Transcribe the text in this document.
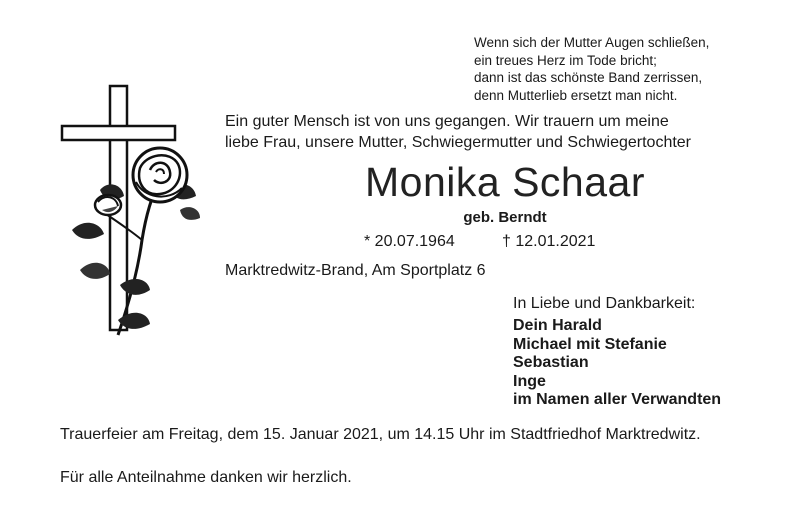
Wenn sich der Mutter Augen schließen,
ein treues Herz im Tode bricht;
dann ist das schönste Band zerrissen,
denn Mutterlieb ersetzt man nicht.
Ein guter Mensch ist von uns gegangen. Wir trauern um meine
liebe Frau, unsere Mutter, Schwiegermutter und Schwiegertochter
Monika Schaar
geb. Berndt
* 20.07.1964	† 12.01.2021
Marktredwitz-Brand, Am Sportplatz 6
In Liebe und Dankbarkeit:
Dein Harald
Michael mit Stefanie
Sebastian
Inge
im Namen aller Verwandten
Trauerfeier am Freitag, dem 15. Januar 2021, um 14.15 Uhr im Stadtfriedhof Marktredwitz.
Für alle Anteilnahme danken wir herzlich.
